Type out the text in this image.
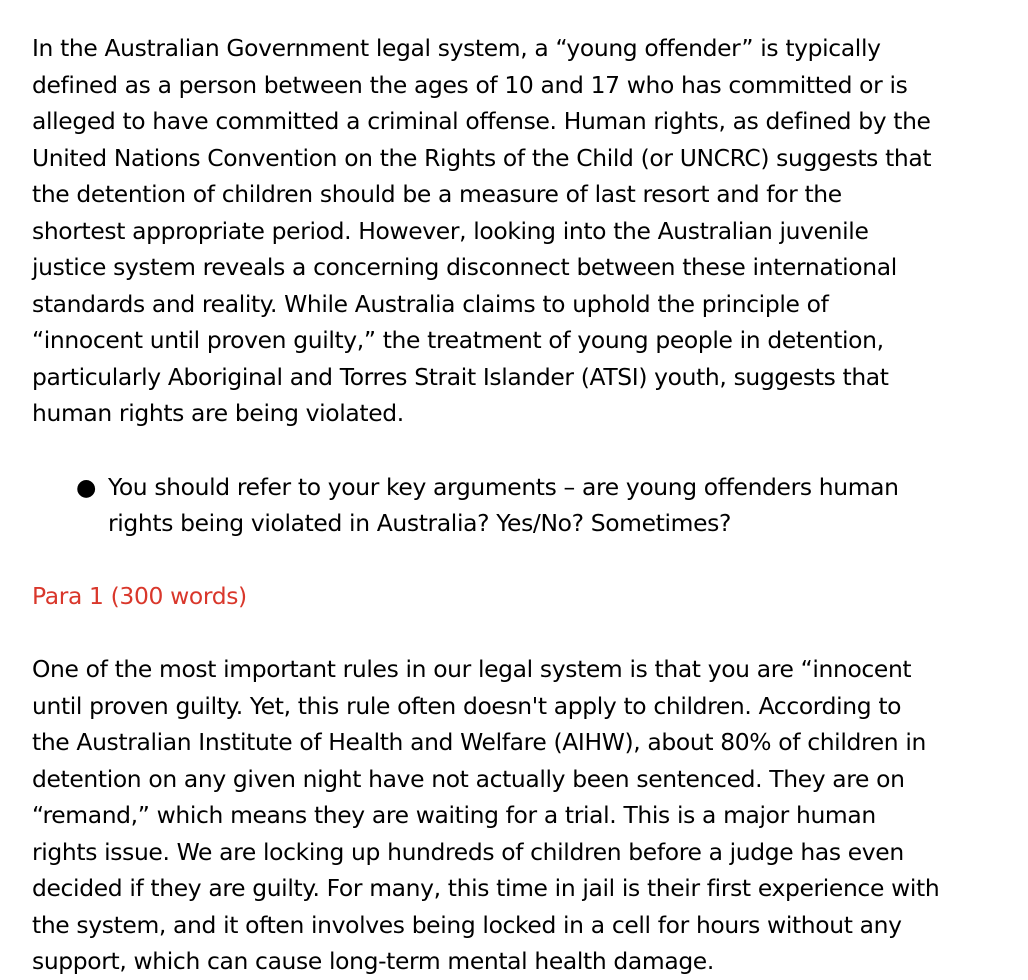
In the Australian Government legal system, a “young offender” is typically
defined as a person between the ages of 10 and 17 who has committed or is
alleged to have committed a criminal offense. Human rights, as defined by the
United Nations Convention on the Rights of the Child (or UNCRC) suggests that
the detention of children should be a measure of last resort and for the
shortest appropriate period. However, looking into the Australian juvenile
justice system reveals a concerning disconnect between these international
standards and reality. While Australia claims to uphold the principle of
“innocent until proven guilty,” the treatment of young people in detention,
particularly Aboriginal and Torres Strait Islander (ATSI) youth, suggests that
human rights are being violated.

● You should refer to your key arguments – are young offenders human
rights being violated in Australia? Yes/No? Sometimes?

Para 1 (300 words)

One of the most important rules in our legal system is that you are “innocent
until proven guilty. Yet, this rule often doesn't apply to children. According to
the Australian Institute of Health and Welfare (AIHW), about 80% of children in
detention on any given night have not actually been sentenced. They are on
“remand,” which means they are waiting for a trial. This is a major human
rights issue. We are locking up hundreds of children before a judge has even
decided if they are guilty. For many, this time in jail is their first experience with
the system, and it often involves being locked in a cell for hours without any
support, which can cause long-term mental health damage.
